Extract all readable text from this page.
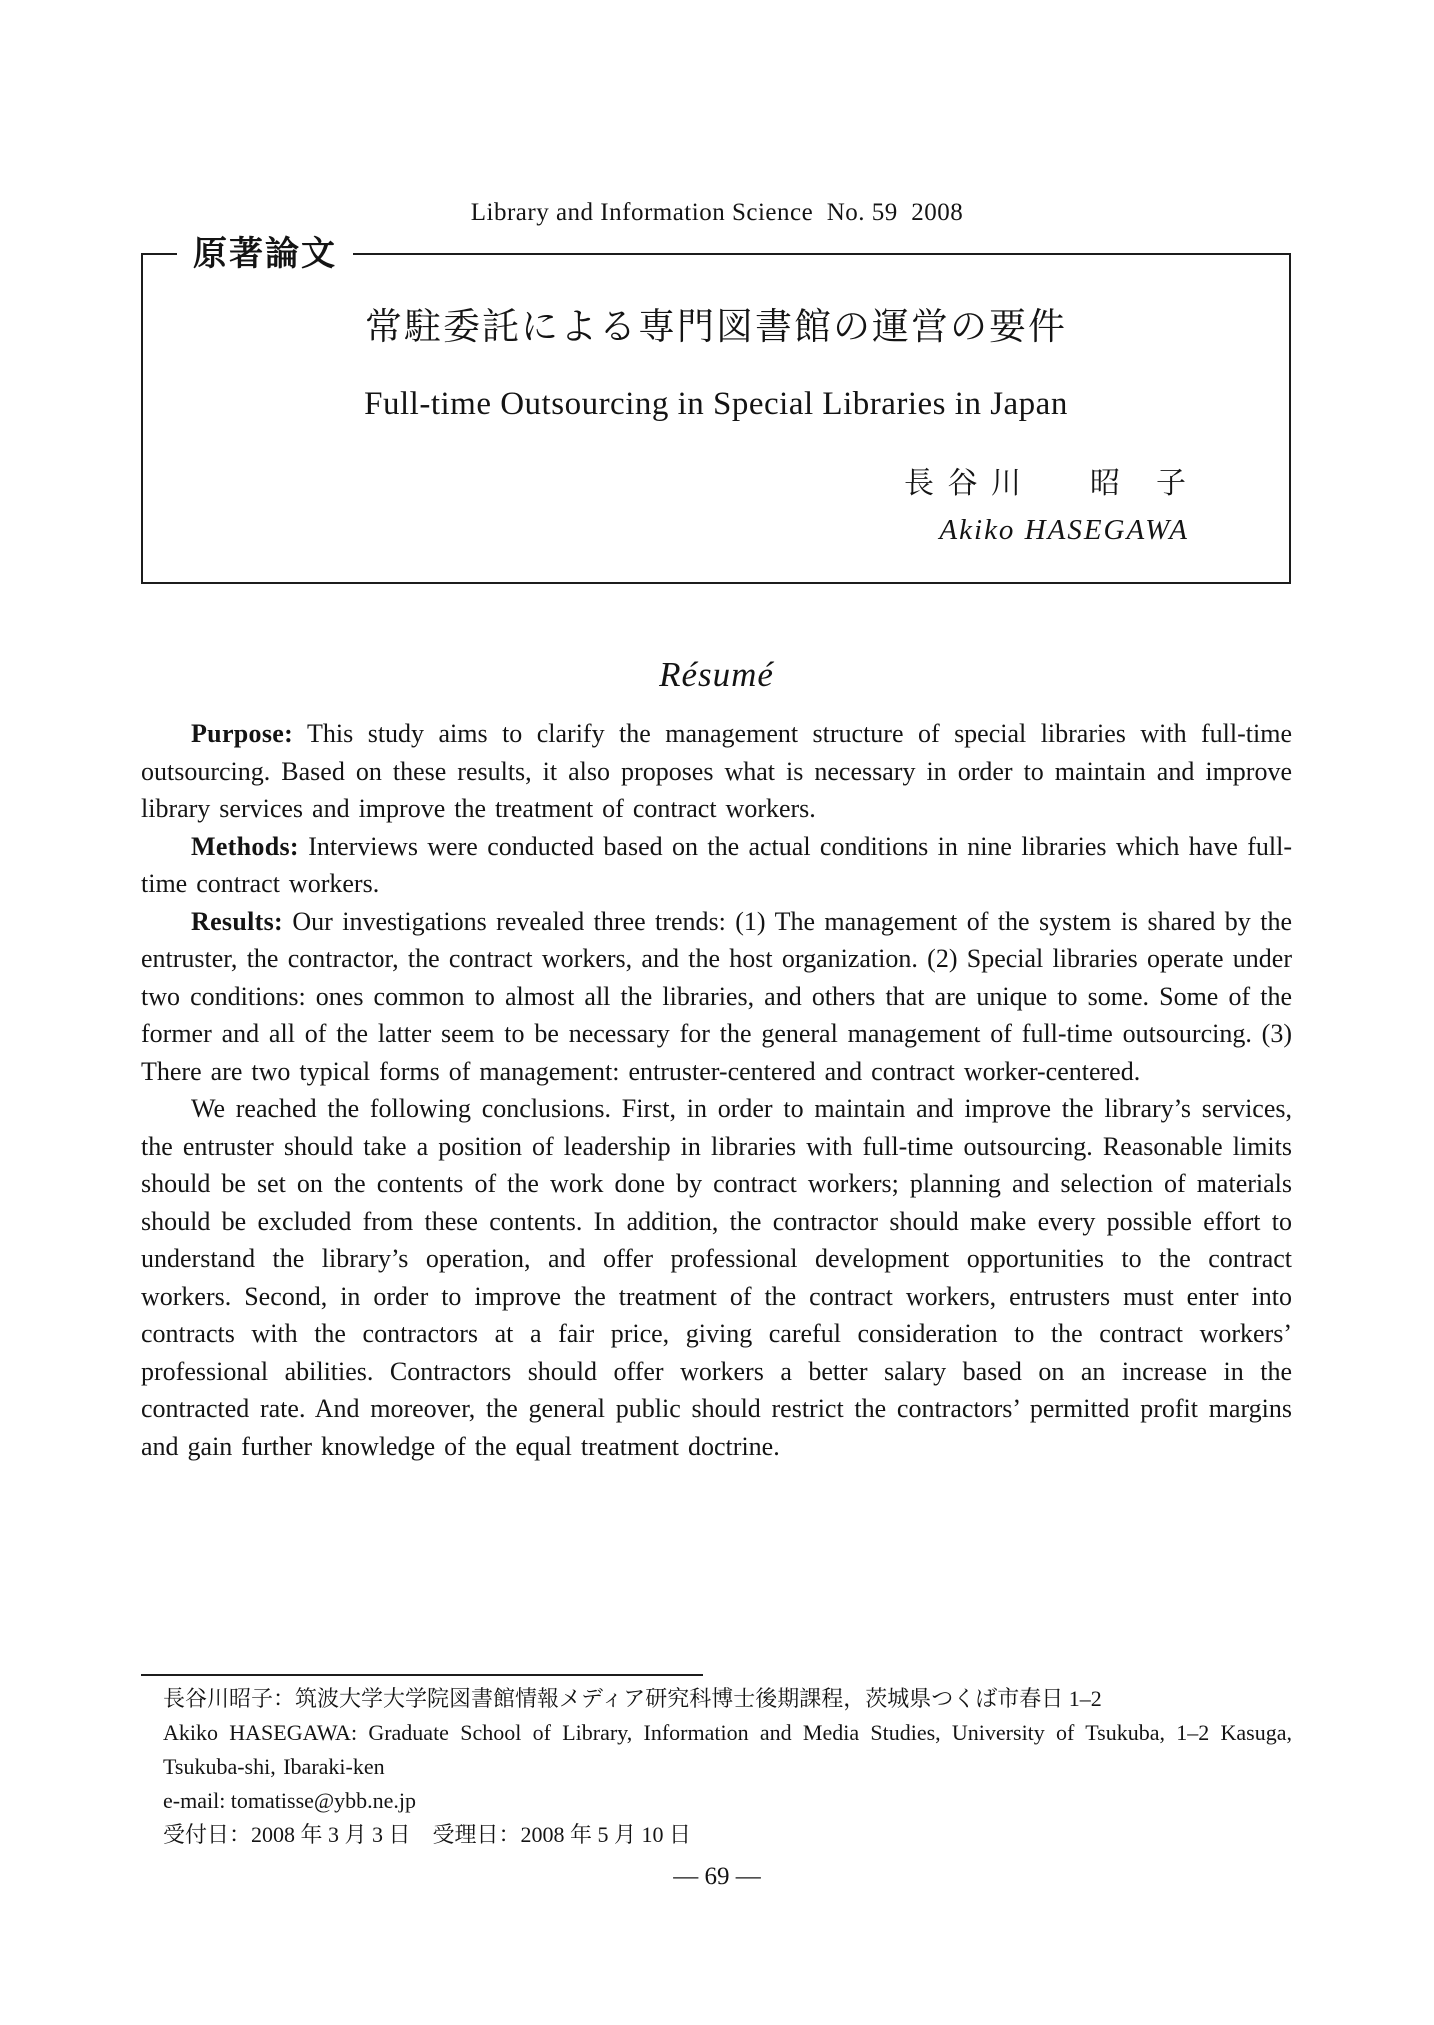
Library and Information Science  No. 59  2008
原著論文
常駐委託による専門図書館の運営の要件
Full-time Outsourcing in Special Libraries in Japan
長 谷 川　　昭　子
Akiko HASEGAWA
Résumé

Purpose: This study aims to clarify the management structure of special libraries with full-time outsourcing. Based on these results, it also proposes what is necessary in order to maintain and improve library services and improve the treatment of contract workers.

Methods: Interviews were conducted based on the actual conditions in nine libraries which have full-time contract workers.

Results: Our investigations revealed three trends: (1) The management of the system is shared by the entruster, the contractor, the contract workers, and the host organization. (2) Special libraries operate under two conditions: ones common to almost all the libraries, and others that are unique to some. Some of the former and all of the latter seem to be necessary for the general management of full-time outsourcing. (3) There are two typical forms of management: entruster-centered and contract worker-centered.

We reached the following conclusions. First, in order to maintain and improve the library’s services, the entruster should take a position of leadership in libraries with full-time outsourcing. Reasonable limits should be set on the contents of the work done by contract workers; planning and selection of materials should be excluded from these contents. In addition, the contractor should make every possible effort to understand the library’s operation, and offer professional development opportunities to the contract workers. Second, in order to improve the treatment of the contract workers, entrusters must enter into contracts with the contractors at a fair price, giving careful consideration to the contract workers’ professional abilities. Contractors should offer workers a better salary based on an increase in the contracted rate. And moreover, the general public should restrict the contractors’ permitted profit margins and gain further knowledge of the equal treatment doctrine.

長谷川昭子：筑波大学大学院図書館情報メディア研究科博士後期課程，茨城県つくば市春日 1–2

Akiko HASEGAWA: Graduate School of Library, Information and Media Studies, University of Tsukuba, 1–2 Kasuga, Tsukuba-shi, Ibaraki-ken

e-mail: tomatisse@ybb.ne.jp

受付日：2008 年 3 月 3 日　受理日：2008 年 5 月 10 日

— 69 —
